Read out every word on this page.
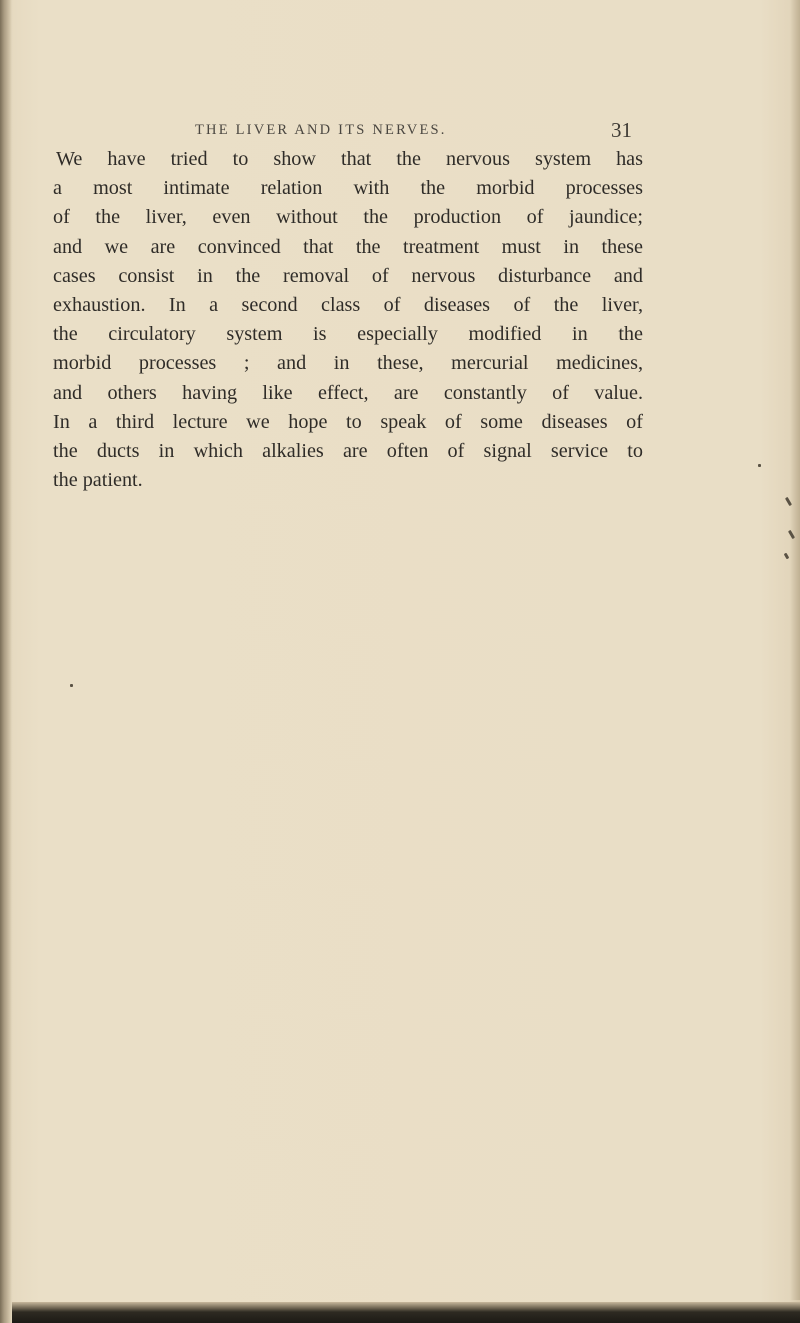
THE LIVER AND ITS NERVES.	31
We have tried to show that the nervous system has
a most intimate relation with the morbid processes
of the liver, even without the production of jaundice;
and we are convinced that the treatment must in these
cases consist in the removal of nervous disturbance and
exhaustion. In a second class of diseases of the liver,
the circulatory system is especially modified in the
morbid processes ; and in these, mercurial medicines,
and others having like effect, are constantly of value.
In a third lecture we hope to speak of some diseases of
the ducts in which alkalies are often of signal service to
the patient.
